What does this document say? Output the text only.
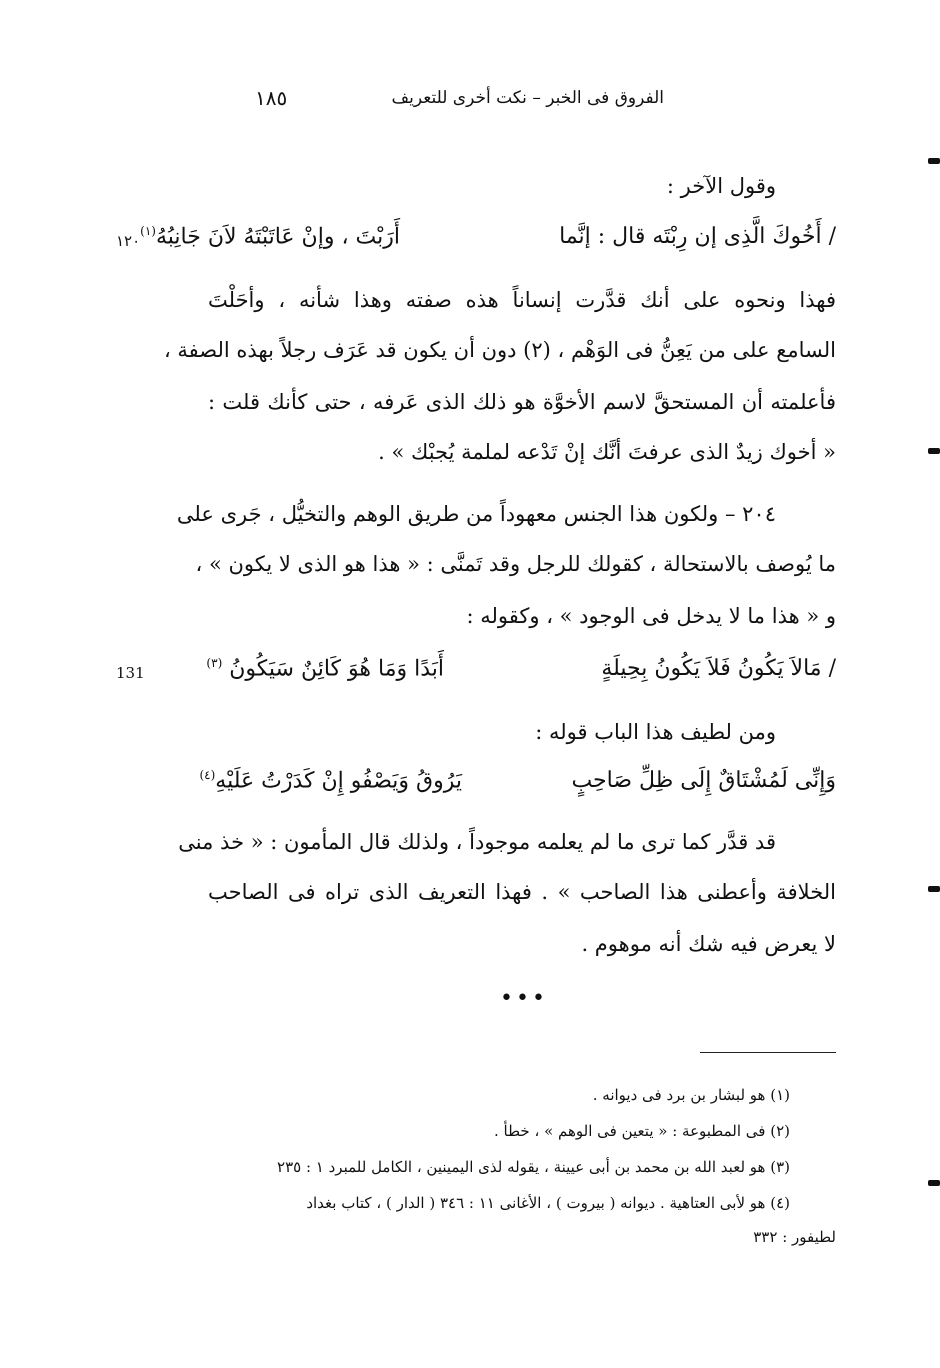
الفروق فى الخبر – نكت أخرى للتعريف
١٨٥
١٢٠
131
وقول الآخر :
/ أَخُوكَ الَّذِى إن رِبْتَه قال : إنَّما
أَرَبْتَ ، وإنْ عَاتَبْتَهُ لاَنَ جَانِبُهُ$^{(١)}$
فهذا ونحوه على أنك قدَّرت إنساناً هذه صفته وهذا شأنه ، وأحَلْتَ
السامع على من يَعِنُّ فى الوَهْم ، (٢) دون أن يكون قد عَرَف رجلاً بهذه الصفة ،
فأعلمته أن المستحقَّ لاسم الأخوَّة هو ذلك الذى عَرفه ، حتى كأنك قلت :
« أخوك زيدٌ الذى عرفتَ أنَّك إنْ تَدْعه لملمة يُجبْك » .
٢٠٤ – ولكون هذا الجنس معهوداً من طريق الوهم والتخيُّل ، جَرى على
ما يُوصف بالاستحالة ، كقولك للرجل وقد تَمنَّى : « هذا هو الذى لا يكون » ،
و « هذا ما لا يدخل فى الوجود » ، وكقوله :
/ مَالاَ يَكُونُ فَلاَ يَكُونُ بِحِيلَةٍ
أَبَدًا وَمَا هُوَ كَائِنٌ سَيَكُونُ $^{(٣)}$
ومن لطيف هذا الباب قوله :
وَإِنِّى لَمُشْتَاقٌ إِلَى ظِلِّ صَاحِبٍ
يَرُوقُ وَيَصْفُو إِنْ كَدَرْتُ عَلَيْهِ$^{(٤)}$
قد قدَّر كما ترى ما لم يعلمه موجوداً ، ولذلك قال المأمون : « خذ منى
الخلافة وأعطنى هذا الصاحب » . فهذا التعريف الذى تراه فى الصاحب
لا يعرض فيه شك أنه موهوم .
•••
(١) هو لبشار بن برد فى ديوانه .
(٢) فى المطبوعة : « يتعين فى الوهم » ، خطأ .
(٣) هو لعبد الله بن محمد بن أبى عيينة ، يقوله لذى اليمينين ، الكامل للمبرد ١ : ٢٣٥
(٤) هو لأبى العتاهية . ديوانه ( بيروت ) ، الأغانى ١١ : ٣٤٦ ( الدار ) ، كتاب بغداد
لطيفور : ٣٣٢
